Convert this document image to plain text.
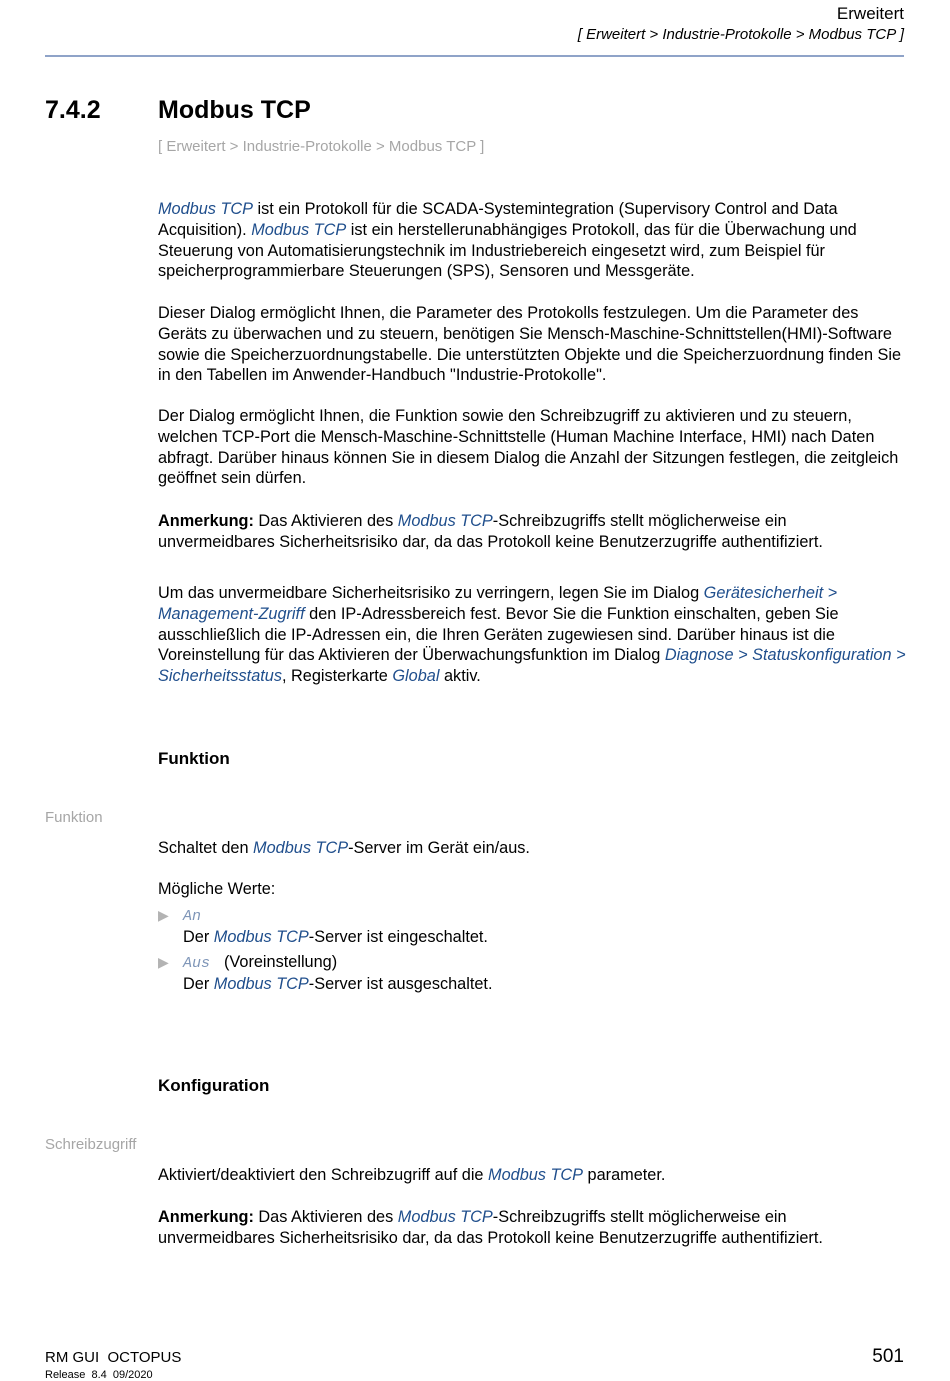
Erweitert
[ Erweitert > Industrie-Protokolle > Modbus TCP ]
7.4.2 Modbus TCP
[ Erweitert > Industrie-Protokolle > Modbus TCP ]

Modbus TCP ist ein Protokoll für die SCADA-Systemintegration (Supervisory Control and Data Acquisition). Modbus TCP ist ein herstellerunabhängiges Protokoll, das für die Überwachung und Steuerung von Automatisierungstechnik im Industriebereich eingesetzt wird, zum Beispiel für speicherprogrammierbare Steuerungen (SPS), Sensoren und Messgeräte.

Dieser Dialog ermöglicht Ihnen, die Parameter des Protokolls festzulegen. Um die Parameter des Geräts zu überwachen und zu steuern, benötigen Sie Mensch-Maschine-Schnittstellen(HMI)-Software sowie die Speicherzuordnungstabelle. Die unterstützten Objekte und die Speicherzuordnung finden Sie in den Tabellen im Anwender-Handbuch "Industrie-Protokolle".

Der Dialog ermöglicht Ihnen, die Funktion sowie den Schreibzugriff zu aktivieren und zu steuern, welchen TCP-Port die Mensch-Maschine-Schnittstelle (Human Machine Interface, HMI) nach Daten abfragt. Darüber hinaus können Sie in diesem Dialog die Anzahl der Sitzungen festlegen, die zeitgleich geöffnet sein dürfen.

Anmerkung: Das Aktivieren des Modbus TCP-Schreibzugriffs stellt möglicherweise ein unvermeidbares Sicherheitsrisiko dar, da das Protokoll keine Benutzerzugriffe authentifiziert.

Um das unvermeidbare Sicherheitsrisiko zu verringern, legen Sie im Dialog Gerätesicherheit > Management-Zugriff den IP-Adressbereich fest. Bevor Sie die Funktion einschalten, geben Sie ausschließlich die IP-Adressen ein, die Ihren Geräten zugewiesen sind. Darüber hinaus ist die Voreinstellung für das Aktivieren der Überwachungsfunktion im Dialog Diagnose > Statuskonfiguration > Sicherheitsstatus, Registerkarte Global aktiv.

Funktion
Funktion

Schaltet den Modbus TCP-Server im Gerät ein/aus.

Mögliche Werte:

▶ An
Der Modbus TCP-Server ist eingeschaltet.
▶ Aus (Voreinstellung)
Der Modbus TCP-Server ist ausgeschaltet.
Konfiguration
Schreibzugriff

Aktiviert/deaktiviert den Schreibzugriff auf die Modbus TCP parameter.

Anmerkung: Das Aktivieren des Modbus TCP-Schreibzugriffs stellt möglicherweise ein unvermeidbares Sicherheitsrisiko dar, da das Protokoll keine Benutzerzugriffe authentifiziert.

RM GUI  OCTOPUS
Release  8.4  09/2020
501
